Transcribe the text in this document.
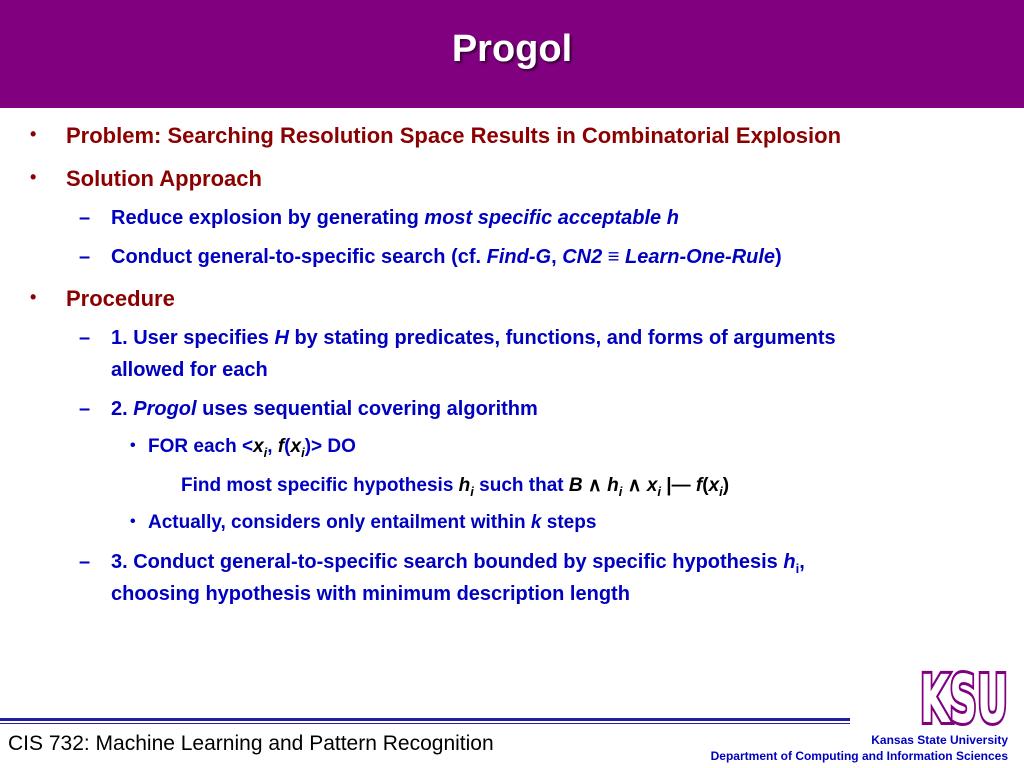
Progol
• Problem: Searching Resolution Space Results in Combinatorial Explosion
• Solution Approach
– Reduce explosion by generating most specific acceptable h
– Conduct general-to-specific search (cf. Find-G, CN2 ≡ Learn-One-Rule)
• Procedure
– 1. User specifies H by stating predicates, functions, and forms of arguments
allowed for each
– 2. Progol uses sequential covering algorithm
• FOR each $<x_i$, $f(x_i)>$ DO
Find most specific hypothesis $h_i$ such that B ∧ $h_i$ ∧ $x_i$ |— $f(x_i)$
• Actually, considers only entailment within k steps
– 3. Conduct general-to-specific search bounded by specific hypothesis $h_i$,
choosing hypothesis with minimum description length
CIS 732: Machine Learning and Pattern Recognition
KSU
Kansas State University
Department of Computing and Information Sciences
